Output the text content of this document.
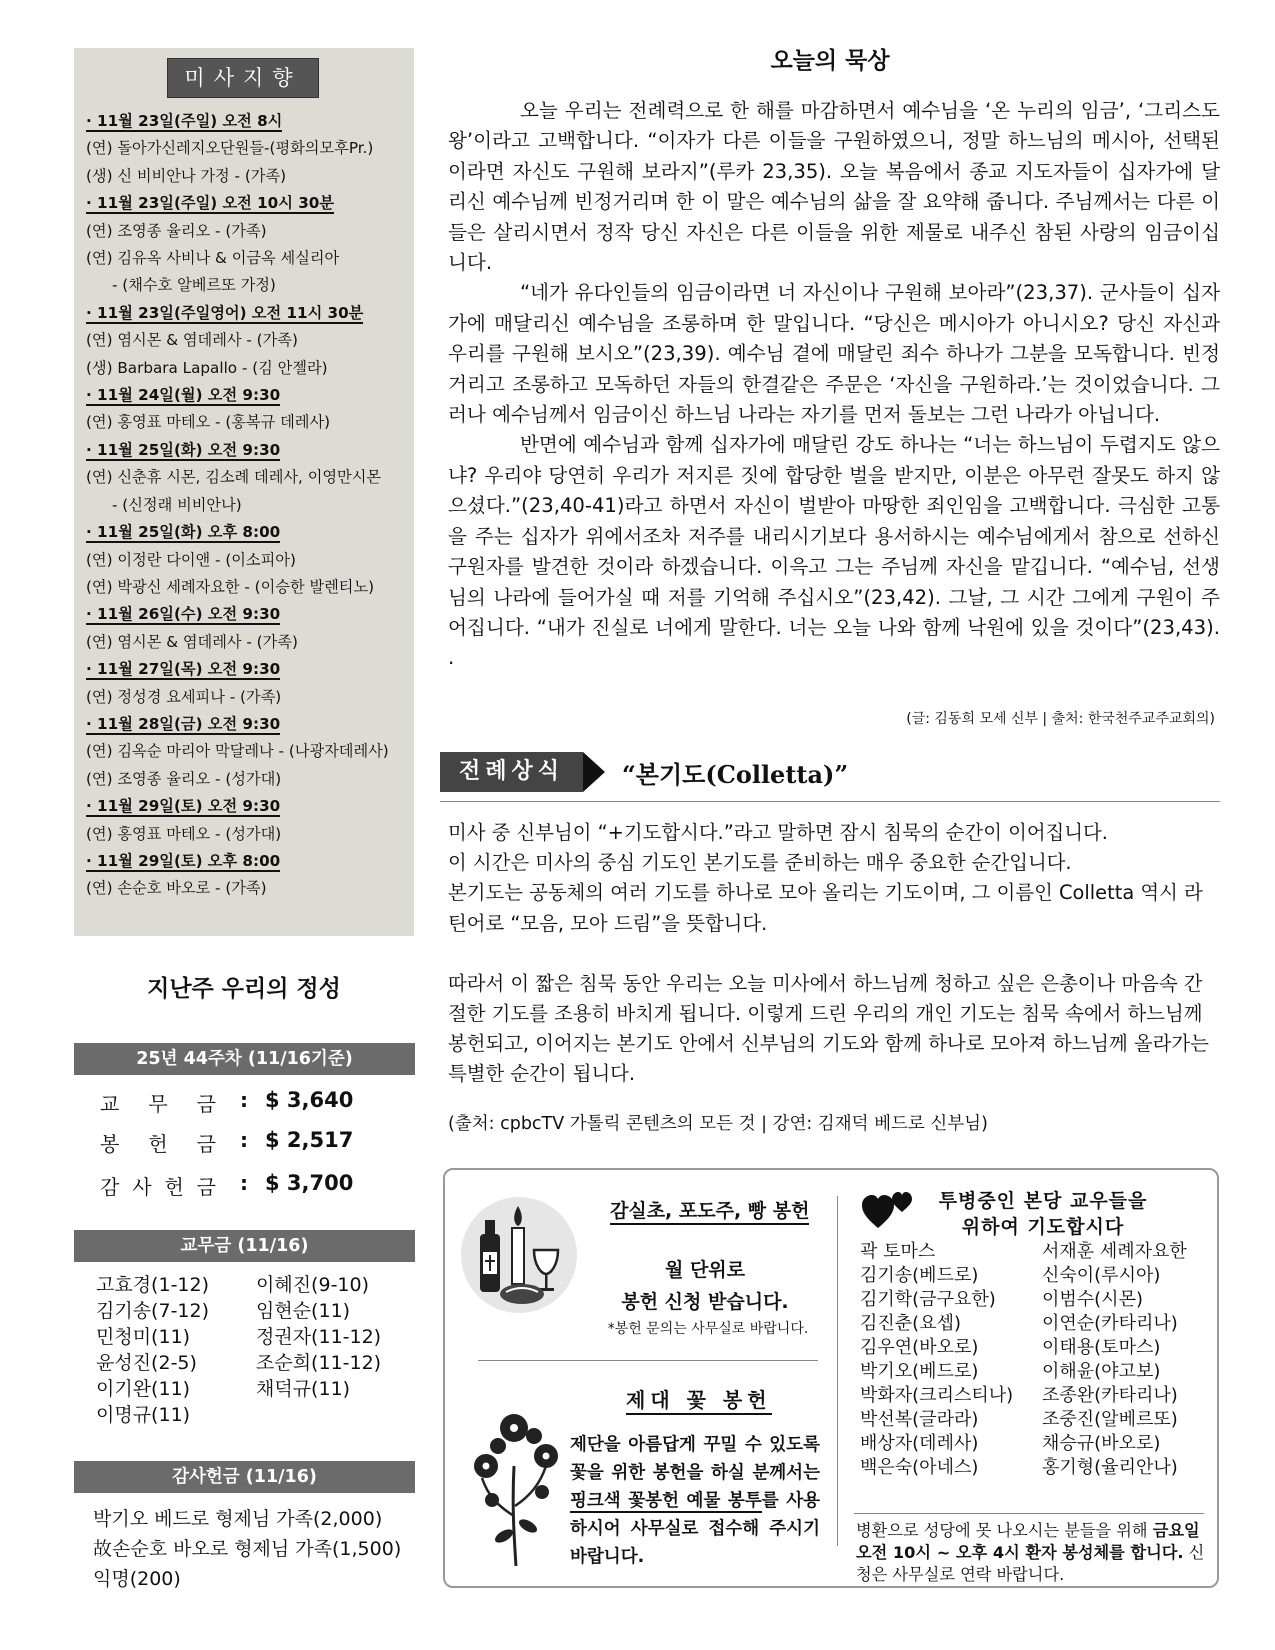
미사지향
· 11월 23일(주일) 오전 8시
(연) 돌아가신레지오단원들-(평화의모후Pr.)
(생) 신 비비안나 가정 - (가족)
· 11월 23일(주일) 오전 10시 30분
(연) 조영종 율리오 - (가족)
(연) 김유옥 사비나 & 이금옥 세실리아
- (채수호 알베르또 가정)
· 11월 23일(주일영어) 오전 11시 30분
(연) 염시몬 & 염데레사 - (가족)
(생) Barbara Lapallo - (김 안젤라)
· 11월 24일(월) 오전 9:30
(연) 홍영표 마테오 - (홍복규 데레사)
· 11월 25일(화) 오전 9:30
(연) 신춘휴 시몬, 김소례 데레사, 이영만시몬
- (신정래 비비안나)
· 11월 25일(화) 오후 8:00
(연) 이정란 다이앤 - (이소피아)
(연) 박광신 세례자요한 - (이승한 발렌티노)
· 11월 26일(수) 오전 9:30
(연) 염시몬 & 염데레사 - (가족)
· 11월 27일(목) 오전 9:30
(연) 정성경 요세피나 - (가족)
· 11월 28일(금) 오전 9:30
(연) 김옥순 마리아 막달레나 - (나광자데레사)
(연) 조영종 율리오 - (성가대)
· 11월 29일(토) 오전 9:30
(연) 홍영표 마테오 - (성가대)
· 11월 29일(토) 오후 8:00
(연) 손순호 바오로 - (가족)
오늘의 묵상

오늘 우리는 전례력으로 한 해를 마감하면서 예수님을 ‘온 누리의 임금’, ‘그리스도왕’이라고 고백합니다. “이자가 다른 이들을 구원하였으니, 정말 하느님의 메시아, 선택된 이라면 자신도 구원해 보라지”(루카 23,35). 오늘 복음에서 종교 지도자들이 십자가에 달리신 예수님께 빈정거리며 한 이 말은 예수님의 삶을 잘 요약해 줍니다. 주님께서는 다른 이들은 살리시면서 정작 당신 자신은 다른 이들을 위한 제물로 내주신 참된 사랑의 임금이십니다.

“네가 유다인들의 임금이라면 너 자신이나 구원해 보아라”(23,37). 군사들이 십자가에 매달리신 예수님을 조롱하며 한 말입니다. “당신은 메시아가 아니시오? 당신 자신과 우리를 구원해 보시오”(23,39). 예수님 곁에 매달린 죄수 하나가 그분을 모독합니다. 빈정거리고 조롱하고 모독하던 자들의 한결같은 주문은 ‘자신을 구원하라.’는 것이었습니다. 그러나 예수님께서 임금이신 하느님 나라는 자기를 먼저 돌보는 그런 나라가 아닙니다.

반면에 예수님과 함께 십자가에 매달린 강도 하나는 “너는 하느님이 두렵지도 않으냐? 우리야 당연히 우리가 저지른 짓에 합당한 벌을 받지만, 이분은 아무런 잘못도 하지 않으셨다.”(23,40-41)라고 하면서 자신이 벌받아 마땅한 죄인임을 고백합니다. 극심한 고통을 주는 십자가 위에서조차 저주를 내리시기보다 용서하시는 예수님에게서 참으로 선하신 구원자를 발견한 것이라 하겠습니다. 이윽고 그는 주님께 자신을 맡깁니다. “예수님, 선생님의 나라에 들어가실 때 저를 기억해 주십시오”(23,42). 그날, 그 시간 그에게 구원이 주어집니다. “내가 진실로 너에게 말한다. 너는 오늘 나와 함께 낙원에 있을 것이다”(23,43). .

(글: 김동희 모세 신부 | 출처: 한국천주교주교회의)
전례상식	“본기도(Colletta)”

미사 중 신부님이 “+기도합시다.”라고 말하면 잠시 침묵의 순간이 이어집니다.

이 시간은 미사의 중심 기도인 본기도를 준비하는 매우 중요한 순간입니다.

본기도는 공동체의 여러 기도를 하나로 모아 올리는 기도이며, 그 이름인 Colletta 역시 라틴어로 “모음, 모아 드림”을 뜻합니다.

따라서 이 짧은 침묵 동안 우리는 오늘 미사에서 하느님께 청하고 싶은 은총이나 마음속 간절한 기도를 조용히 바치게 됩니다. 이렇게 드린 우리의 개인 기도는 침묵 속에서 하느님께 봉헌되고, 이어지는 본기도 안에서 신부님의 기도와 함께 하나로 모아져 하느님께 올라가는 특별한 순간이 됩니다.

(출처: cpbcTV 가톨릭 콘텐츠의 모든 것 | 강연: 김재덕 베드로 신부님)
지난주 우리의 정성
25년 44주차 (11/16기준)
교 무 금 : $ 3,640
봉 헌 금 : $ 2,517
감 사 헌 금 : $ 3,700
교무금 (11/16)
고효경(1-12)	이혜진(9-10)
김기송(7-12)	임현순(11)
민청미(11)	정권자(11-12)
윤성진(2-5)	조순희(11-12)
이기완(11)	채덕규(11)
이명규(11)
감사헌금 (11/16)
박기오 베드로 형제님 가족(2,000)
故손순호 바오로 형제님 가족(1,500)
익명(200)
감실초, 포도주, 빵 봉헌
월 단위로
봉헌 신청 받습니다.
*봉헌 문의는 사무실로 바랍니다.
제대 꽃 봉헌
제단을 아름답게 꾸밀 수 있도록 꽃을 위한 봉헌을 하실 분께서는 핑크색 꽃봉헌 예물 봉투를 사용하시어 사무실로 접수해 주시기 바랍니다.
투병중인 본당 교우들을
위하여 기도합시다
곽 토마스	서재훈 세례자요한
김기송(베드로)	신숙이(루시아)
김기학(금구요한)	이범수(시몬)
김진춘(요셉)	이연순(카타리나)
김우연(바오로)	이태용(토마스)
박기오(베드로)	이해윤(야고보)
박화자(크리스티나)	조종완(카타리나)
박선복(글라라)	조중진(알베르또)
배상자(데레사)	채승규(바오로)
백은숙(아네스)	홍기형(율리안나)
병환으로 성당에 못 나오시는 분들을 위해 금요일 오전 10시 ~ 오후 4시 환자 봉성체를 합니다. 신청은 사무실로 연락 바랍니다.
